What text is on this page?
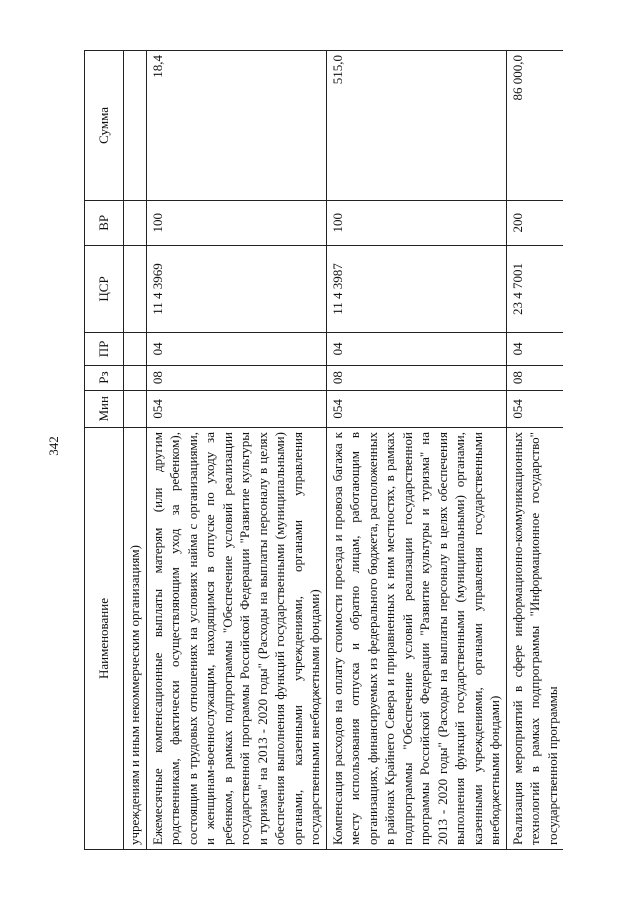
342
Наименование	Мин	Рз	ПР	ЦСР	ВР	Сумма
учреждениям и иным некоммерческим организациям)						
Ежемесячные компенсационные выплаты матерям (или другим родственникам, фактически осуществляющим уход за ребенком), состоящим в трудовых отношениях на условиях найма с организациями, и женщинам-военнослужащим, находящимся в отпуске по уходу за ребенком, в рамках подпрограммы "Обеспечение условий реализации государственной программы Российской Федерации "Развитие культуры и туризма" на 2013 - 2020 годы" (Расходы на выплаты персоналу в целях обеспечения выполнения функций государственными (муниципальными) органами, казенными учреждениями, органами управления государственными внебюджетными фондами)	054	08	04	11 4 3969	100	18,4
Компенсация расходов на оплату стоимости проезда и провоза багажа к месту использования отпуска и обратно лицам, работающим в организациях, финансируемых из федерального бюджета, расположенных в районах Крайнего Севера и приравненных к ним местностях, в рамках подпрограммы "Обеспечение условий реализации государственной программы Российской Федерации "Развитие культуры и туризма" на 2013 - 2020 годы" (Расходы на выплаты персоналу в целях обеспечения выполнения функций государственными (муниципальными) органами, казенными учреждениями, органами управления государственными внебюджетными фондами)	054	08	04	11 4 3987	100	515,0
Реализация мероприятий в сфере информационно-коммуникационных технологий в рамках подпрограммы "Информационное государство" государственной программы	054	08	04	23 4 7001	200	86 000,0
